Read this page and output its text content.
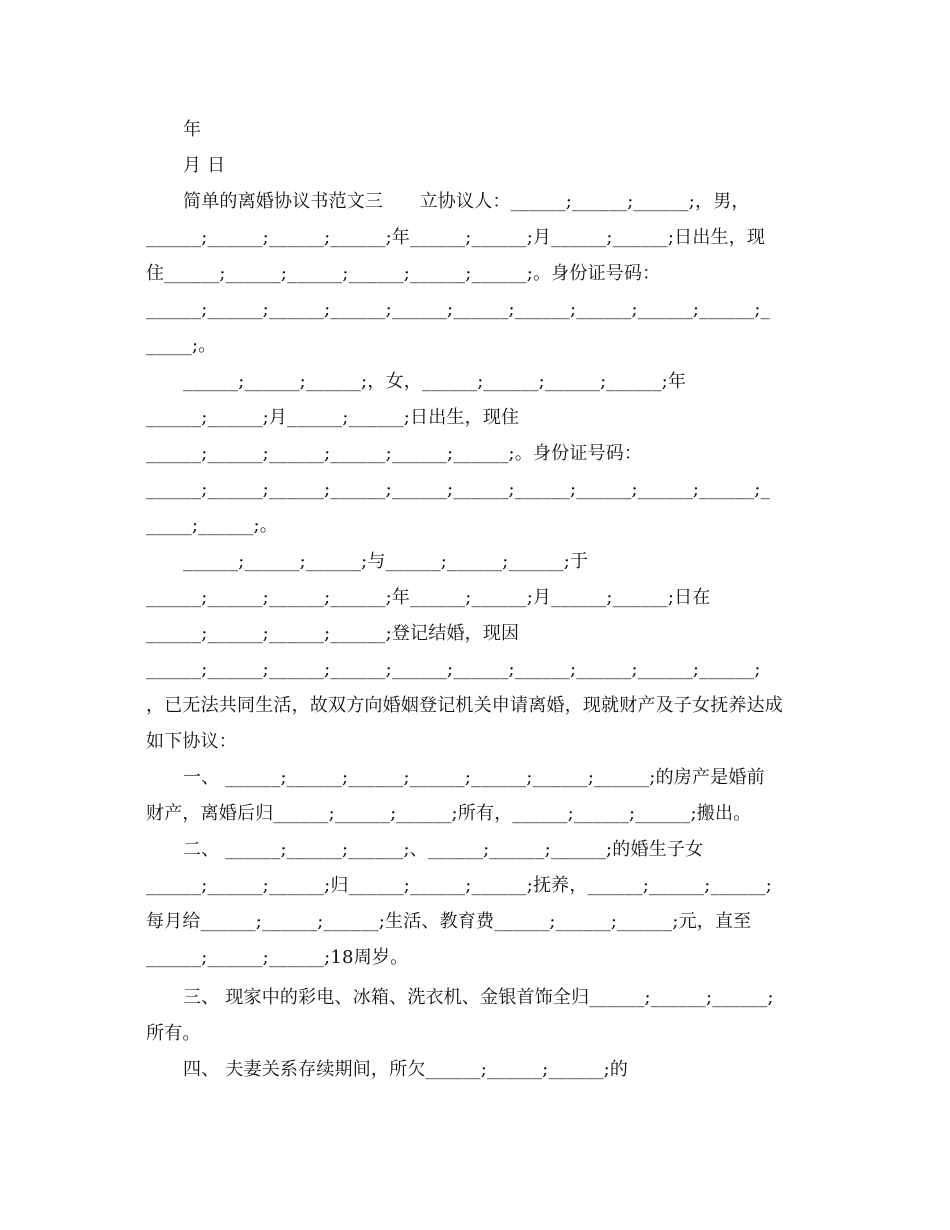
年
月 日
简单的离婚协议书范文三　　立协议人：______;______;______;，男，
______;______;______;______;年______;______;月______;______;日出生，现
住______;______;______;______;______;______;。身份证号码：
______;______;______;______;______;______;______;______;______;______;_
_____;。
______;______;______;，女，______;______;______;______;年
______;______;月______;______;日出生，现住
______;______;______;______;______;______;。身份证号码：
______;______;______;______;______;______;______;______;______;______;_
_____;______;。
______;______;______;与______;______;______;于
______;______;______;______;年______;______;月______;______;日在
______;______;______;______;登记结婚，现因
______;______;______;______;______;______;______;______;______;______;
，已无法共同生活，故双方向婚姻登记机关申请离婚，现就财产及子女抚养达成
如下协议：
一、 ______;______;______;______;______;______;______;的房产是婚前
财产，离婚后归______;______;______;所有，______;______;______;搬出。
二、 ______;______;______;、______;______;______;的婚生子女
______;______;______;归______;______;______;抚养，______;______;______;
每月给______;______;______;生活、教育费______;______;______;元，直至
______;______;______;18周岁。
三、 现家中的彩电、冰箱、洗衣机、金银首饰全归______;______;______;
所有。
四、 夫妻关系存续期间，所欠______;______;______;的
